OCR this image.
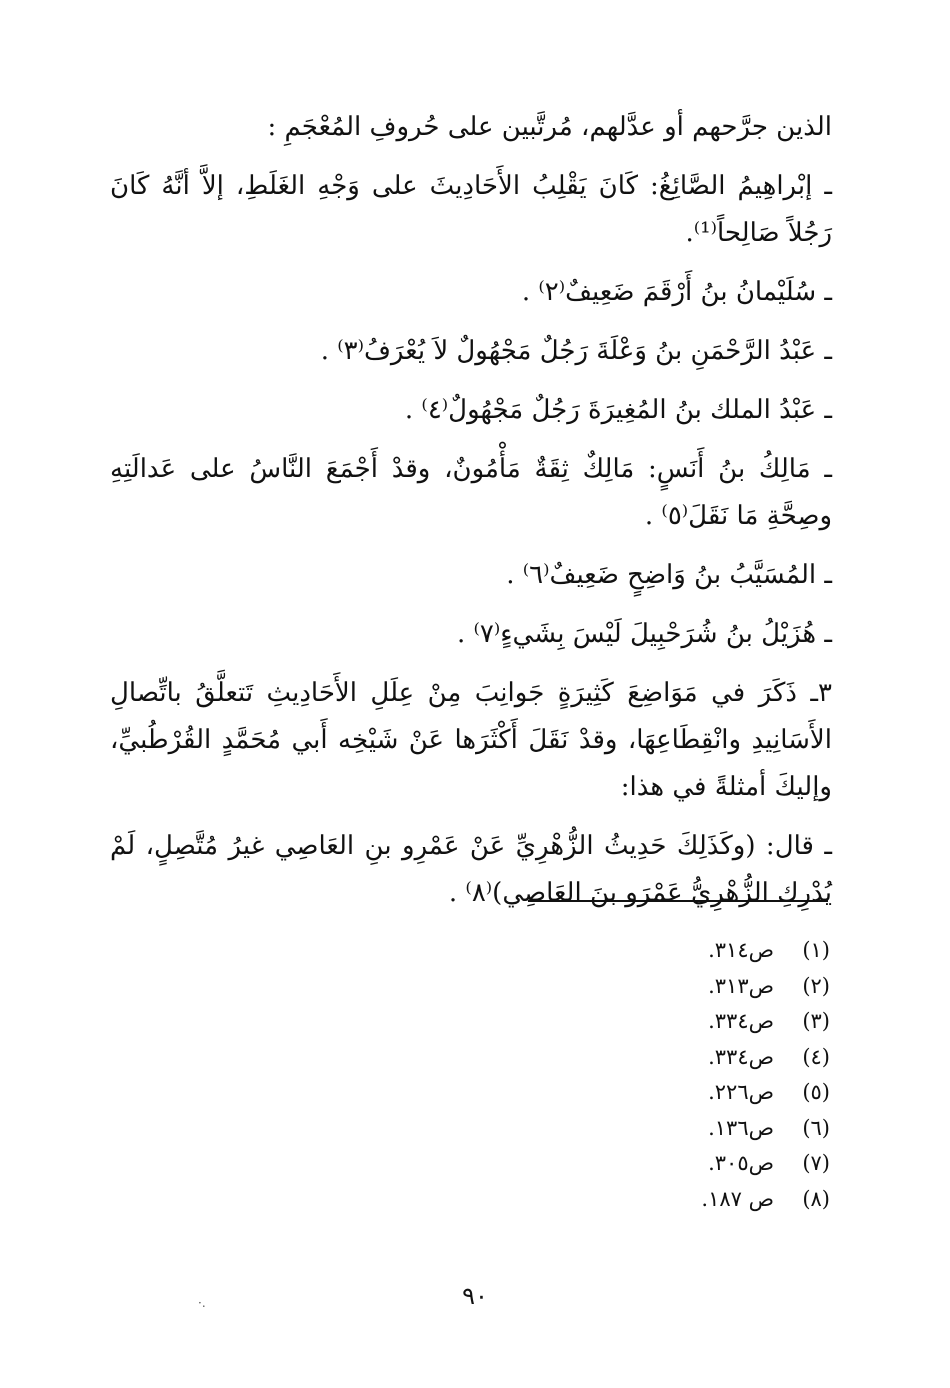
الذين جرَّحهم أو عدَّلهم، مُرتَّبين على حُروفِ المُعْجَمِ :

ـ إبْراهِيمُ الصَّائِغُ: كَانَ يَقْلِبُ الأَحَادِيثَ على وَجْهِ الغَلَطِ، إلاَّ أنَّهُ كَانَ رَجُلاً صَالِحاً⁽¹⁾.

ـ سُلَيْمانُ بنُ أَرْقَمَ ضَعِيفٌ⁽٢⁾ .

ـ عَبْدُ الرَّحْمَنِ بنُ وَعْلَةَ رَجُلٌ مَجْهُولٌ لاَ يُعْرَفُ⁽٣⁾ .

ـ عَبْدُ الملك بنُ المُغِيرَةَ رَجُلٌ مَجْهُولٌ⁽٤⁾ .

ـ مَالِكُ بنُ أَنَسٍ: مَالِكٌ ثِقَةٌ مَأْمُونٌ، وقدْ أَجْمَعَ النَّاسُ على عَدالَتِهِ وصِحَّةِ مَا نَقَلَ⁽٥⁾ .

ـ المُسَيَّبُ بنُ وَاضِحٍ ضَعِيفٌ⁽٦⁾ .

ـ هُزَيْلُ بنُ شُرَحْبِيلَ لَيْسَ بِشَيءٍ⁽٧⁾ .

٣ـ ذَكَرَ في مَوَاضِعَ كَثِيرَةٍ جَوانِبَ مِنْ عِلَلِ الأَحَادِيثِ تَتعلَّقُ باتِّصالِ الأَسَانِيدِ وانْقِطَاعِهَا، وقدْ نَقَلَ أَكْثَرَها عَنْ شَيْخِه أَبي مُحَمَّدٍ القُرْطُبيِّ، وإليكَ أمثلةً في هذا:

ـ قال: (وكَذَلِكَ حَدِيثُ الزُّهْرِيِّ عَنْ عَمْرِو بنِ العَاصِي غيرُ مُتَّصِلٍ، لَمْ يُدْرِكِ الزُّهْرِيُّ عَمْرَو بنَ العَاصِي)⁽٨⁾ .

(١)ص٣١٤.
(٢)ص٣١٣.
(٣)ص٣٣٤.
(٤)ص٣٣٤.
(٥)ص٢٢٦.
(٦)ص١٣٦.
(٧)ص٣٠٥.
(٨)ص ١٨٧.
٩٠
·.
